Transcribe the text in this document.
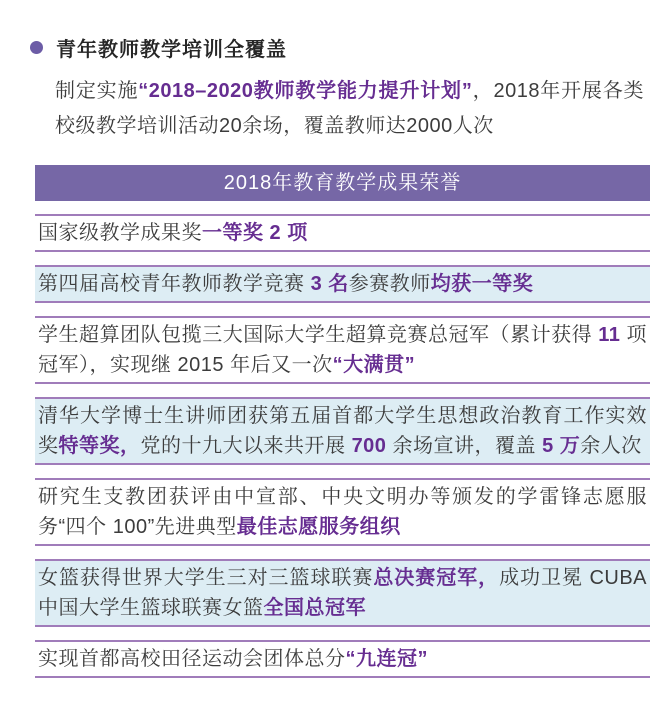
青年教师教学培训全覆盖

制定实施“2018–2020教师教学能力提升计划”，2018年开展各类校级教学培训活动20余场，覆盖教师达2000人次

2018年教育教学成果荣誉
国家级教学成果奖一等奖 2 项
第四届高校青年教师教学竞赛 3 名参赛教师均获一等奖
学生超算团队包揽三大国际大学生超算竞赛总冠军（累计获得 11 项冠军），实现继 2015 年后又一次“大满贯”
清华大学博士生讲师团获第五届首都大学生思想政治教育工作实效奖特等奖，党的十九大以来共开展 700 余场宣讲，覆盖 5 万余人次
研究生支教团获评由中宣部、中央文明办等颁发的学雷锋志愿服务“四个 100”先进典型最佳志愿服务组织
女篮获得世界大学生三对三篮球联赛总决赛冠军，成功卫冕 CUBA 中国大学生篮球联赛女篮全国总冠军
实现首都高校田径运动会团体总分“九连冠”
